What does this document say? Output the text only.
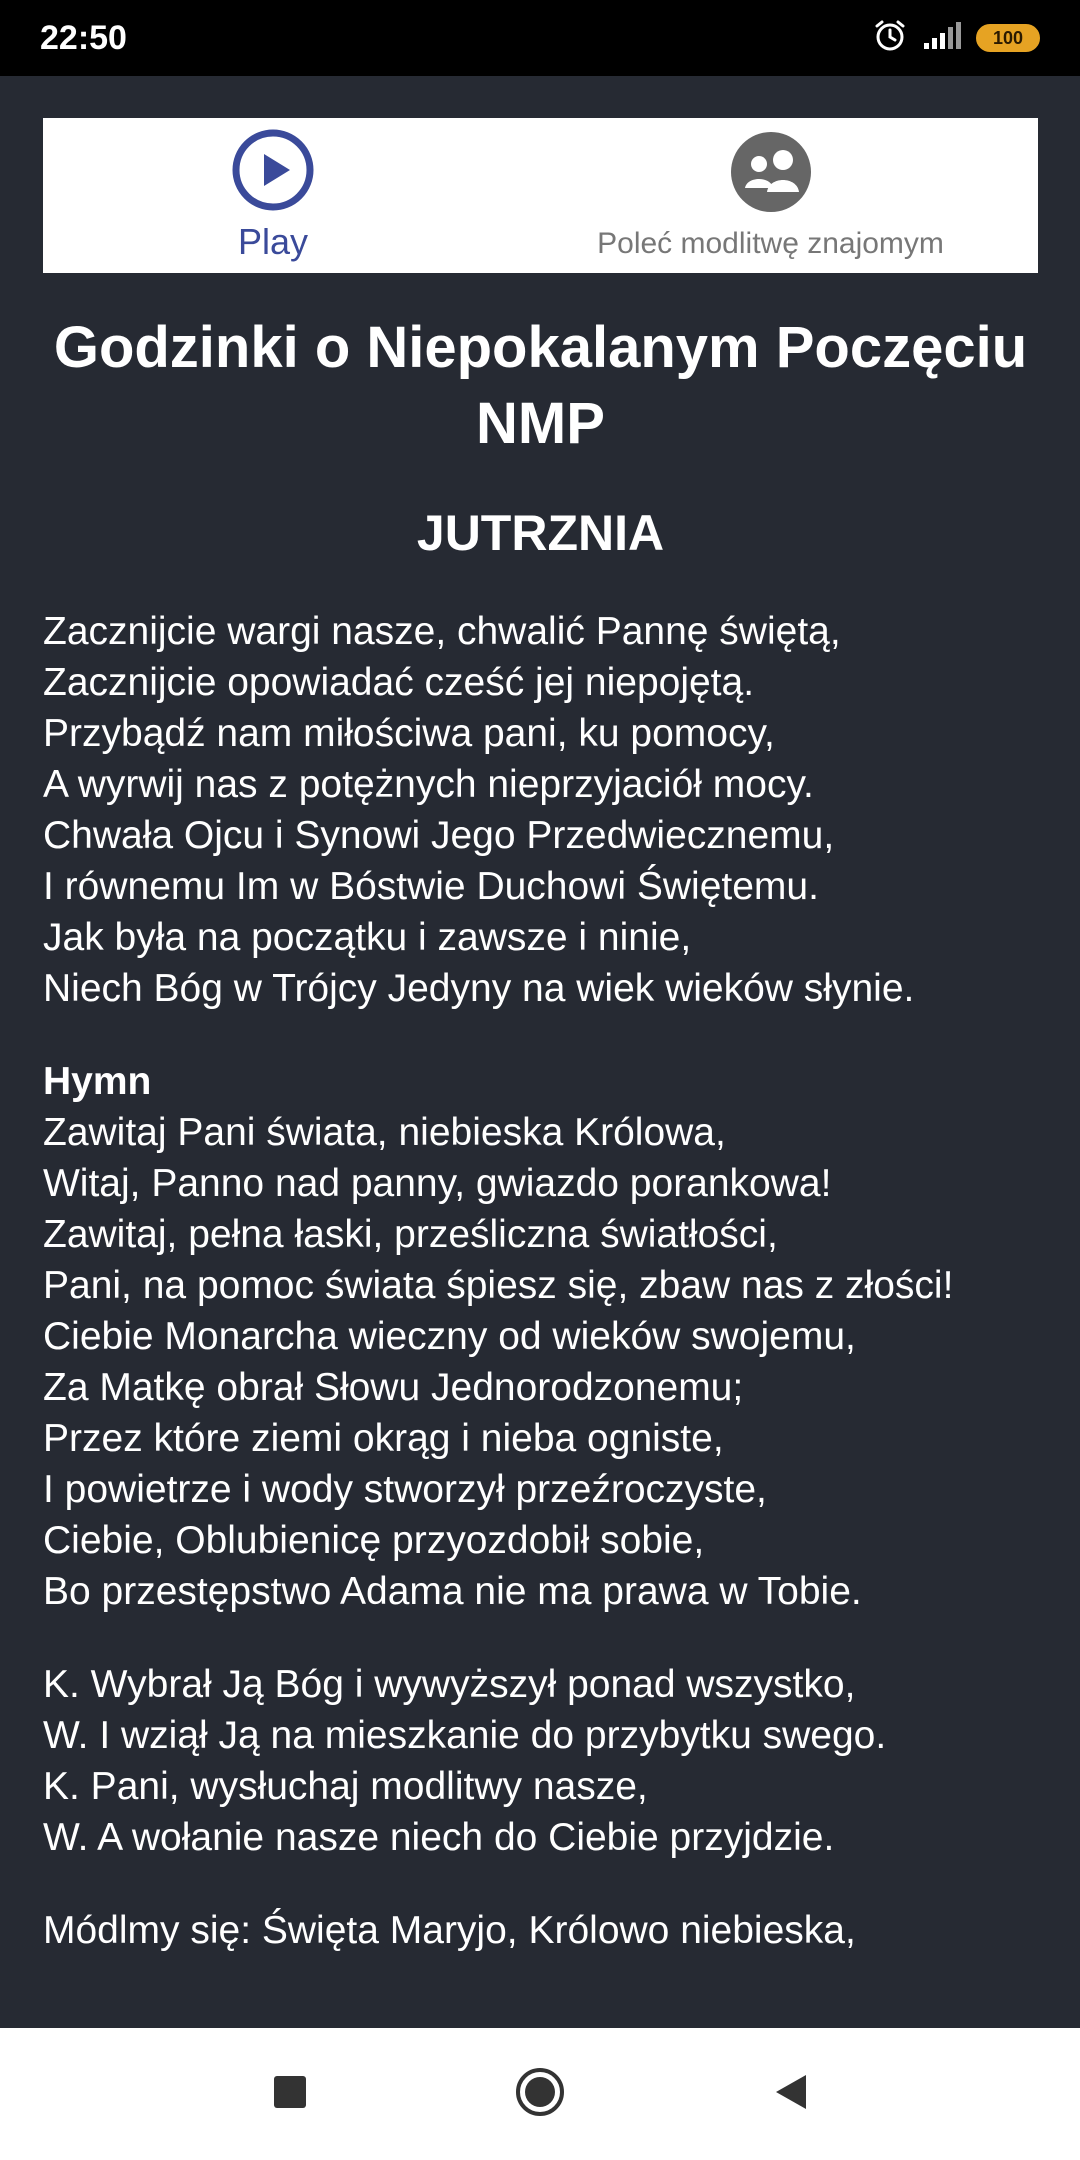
22:50	100
Play	Poleć modlitwę znajomym
Godzinki o Niepokalanym Poczęciu NMP
JUTRZNIA
Zacznijcie wargi nasze, chwalić Pannę świętą,
Zacznijcie opowiadać cześć jej niepojętą.
Przybądź nam miłościwa pani, ku pomocy,
A wyrwij nas z potężnych nieprzyjaciół mocy.
Chwała Ojcu i Synowi Jego Przedwiecznemu,
I równemu Im w Bóstwie Duchowi Świętemu.
Jak była na początku i zawsze i ninie,
Niech Bóg w Trójcy Jedyny na wiek wieków słynie.
Hymn
Zawitaj Pani świata, niebieska Królowa,
Witaj, Panno nad panny, gwiazdo porankowa!
Zawitaj, pełna łaski, prześliczna światłości,
Pani, na pomoc świata śpiesz się, zbaw nas z złości!
Ciebie Monarcha wieczny od wieków swojemu,
Za Matkę obrał Słowu Jednorodzonemu;
Przez które ziemi okrąg i nieba ogniste,
I powietrze i wody stworzył przeźroczyste,
Ciebie, Oblubienicę przyozdobił sobie,
Bo przestępstwo Adama nie ma prawa w Tobie.
K. Wybrał Ją Bóg i wywyższył ponad wszystko,
W. I wziął Ją na mieszkanie do przybytku swego.
K. Pani, wysłuchaj modlitwy nasze,
W. A wołanie nasze niech do Ciebie przyjdzie.
Módlmy się: Święta Maryjo, Królowo niebieska,
